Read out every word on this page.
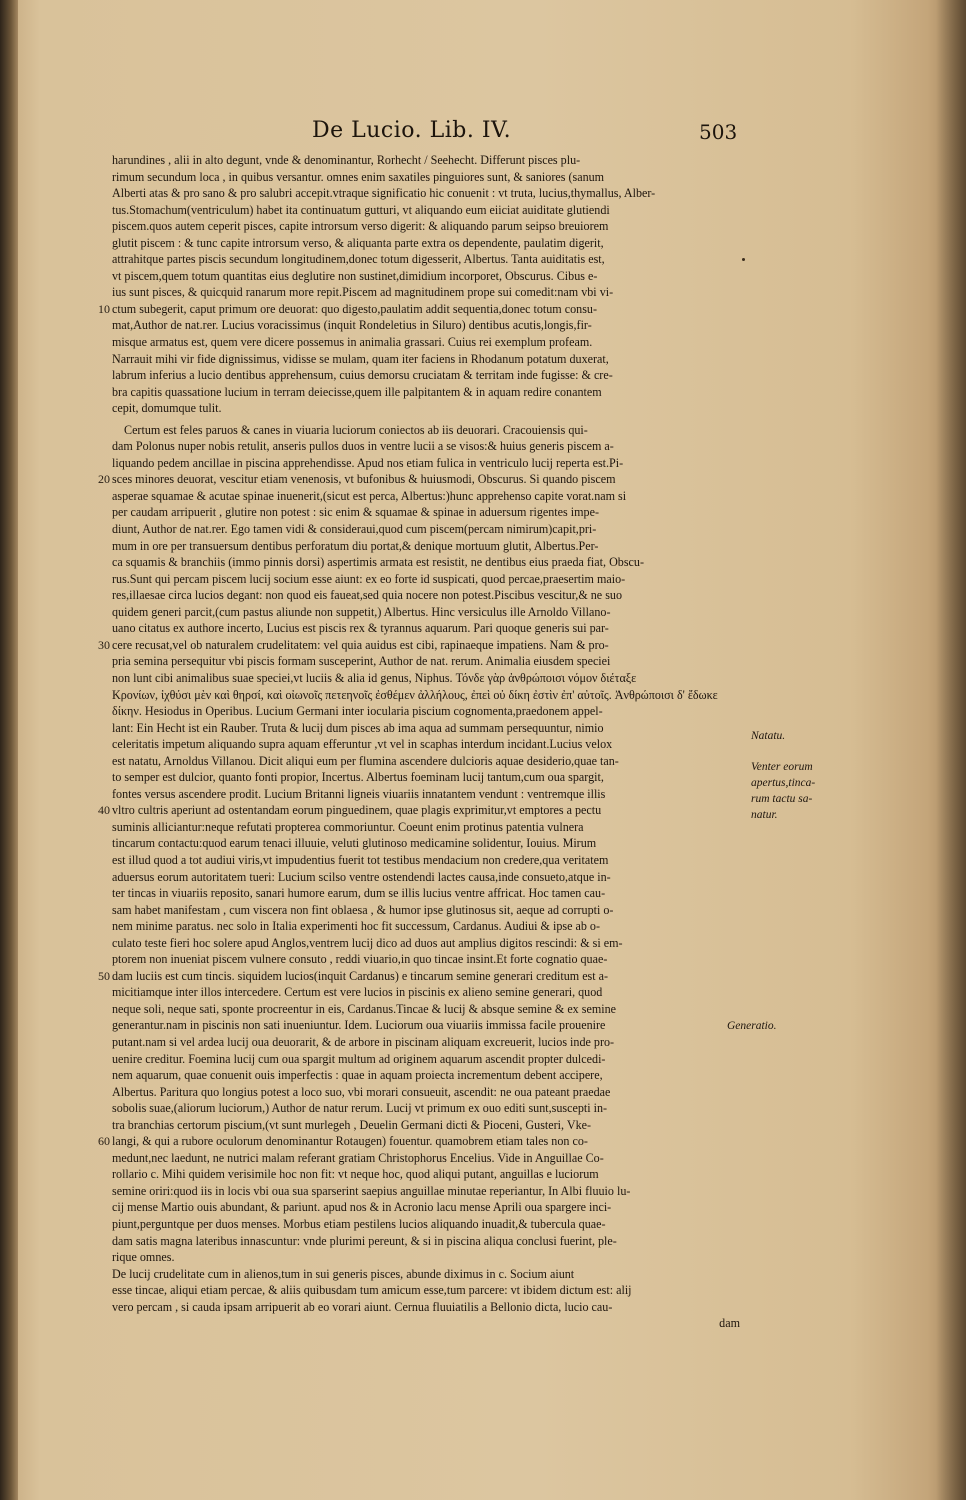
De Lucio. Lib. IV.	503
harundines , alii in alto degunt, vnde & denominantur, Rorhecht / Seehecht. Differunt pisces plu-
rimum secundum loca , in quibus versantur. omnes enim saxatiles pinguiores sunt, & saniores (sanum
Alberti atas & pro sano & pro salubri accepit.vtraque significatio hic conuenit : vt truta, lucius,thymallus, Alber-
tus.Stomachum(ventriculum) habet ita continuatum gutturi, vt aliquando eum eiiciat auiditate glutiendi
piscem.quos autem ceperit pisces, capite introrsum verso digerit: & aliquando parum seipso breuiorem
glutit piscem : & tunc capite introrsum verso, & aliquanta parte extra os dependente, paulatim digerit,
attrahitque partes piscis secundum longitudinem,donec totum digesserit, Albertus. Tanta auiditatis est,
vt piscem,quem totum quantitas eius deglutire non sustinet,dimidium incorporet, Obscurus. Cibus e-
ius sunt pisces, & quicquid ranarum more repit.Piscem ad magnitudinem prope sui comedit:nam vbi vi-
ctum subegerit, caput primum ore deuorat: quo digesto,paulatim addit sequentia,donec totum consu-
mat,Author de nat.rer. Lucius voracissimus (inquit Rondeletius in Siluro) dentibus acutis,longis,fir-
misque armatus est, quem vere dicere possemus in animalia grassari. Cuius rei exemplum profeam.
Narrauit mihi vir fide dignissimus, vidisse se mulam, quam iter faciens in Rhodanum potatum duxerat,
labrum inferius a lucio dentibus apprehensum, cuius demorsu cruciatam & territam inde fugisse: & cre-
bra capitis quassatione lucium in terram deiecisse,quem ille palpitantem & in aquam redire conantem
cepit, domumque tulit.
Certum est feles paruos & canes in viuaria luciorum coniectos ab iis deuorari. Cracouiensis qui-
dam Polonus nuper nobis retulit, anseris pullos duos in ventre lucii a se visos:& huius generis piscem a-
liquando pedem ancillae in piscina apprehendisse. Apud nos etiam fulica in ventriculo lucij reperta est.Pi-
sces minores deuorat, vescitur etiam venenosis, vt bufonibus & huiusmodi, Obscurus. Si quando piscem
asperae squamae & acutae spinae inuenerit,(sicut est perca, Albertus:)hunc apprehenso capite vorat.nam si
per caudam arripuerit , glutire non potest : sic enim & squamae & spinae in aduersum rigentes impe-
diunt, Author de nat.rer. Ego tamen vidi & consideraui,quod cum piscem(percam nimirum)capit,pri-
mum in ore per transuersum dentibus perforatum diu portat,& denique mortuum glutit, Albertus.Per-
ca squamis & branchiis (immo pinnis dorsi) aspertimis armata est resistit, ne dentibus eius praeda fiat, Obscu-
rus.Sunt qui percam piscem lucij socium esse aiunt: ex eo forte id suspicati, quod percae,praesertim maio-
res,illaesae circa lucios degant: non quod eis faueat,sed quia nocere non potest.Piscibus vescitur,& ne suo
quidem generi parcit,(cum pastus aliunde non suppetit,) Albertus. Hinc versiculus ille Arnoldo Villano-
uano citatus ex authore incerto, Lucius est piscis rex & tyrannus aquarum. Pari quoque generis sui par-
cere recusat,vel ob naturalem crudelitatem: vel quia auidus est cibi, rapinaeque impatiens. Nam & pro-
pria semina persequitur vbi piscis formam susceperint, Author de nat. rerum. Animalia eiusdem speciei
non lunt cibi animalibus suae speciei,vt luciis & alia id genus, Niphus. Τόνδε γὰρ ἀνθρώποισι νόμον διέταξε
Κρονίων, ἰχθύσι μὲν καὶ θηρσί, καὶ οἰωνοῖς πετεηνοῖς ἐσθέμεν ἀλλήλους, ἐπεὶ οὐ δίκη ἐστὶν ἐπ' αὐτοῖς. Ἀνθρώποισι δ' ἔδωκε
δίκην. Hesiodus in Operibus. Lucium Germani inter iocularia piscium cognomenta,praedonem appel-
lant: Ein Hecht ist ein Rauber. Truta & lucij dum pisces ab ima aqua ad summam persequuntur, nimio
celeritatis impetum aliquando supra aquam efferuntur ,vt vel in scaphas interdum incidant.Lucius velox
est natatu, Arnoldus Villanou. Dicit aliqui eum per flumina ascendere dulcioris aquae desiderio,quae tan-
to semper est dulcior, quanto fonti propior, Incertus. Albertus foeminam lucij tantum,cum oua spargit,
fontes versus ascendere prodit. Lucium Britanni ligneis viuariis innatantem vendunt : ventremque illis
vltro cultris aperiunt ad ostentandam eorum pinguedinem, quae plagis exprimitur,vt emptores a pectu
suminis alliciantur:neque refutati propterea commoriuntur. Coeunt enim protinus patentia vulnera
tincarum contactu:quod earum tenaci illuuie, veluti glutinoso medicamine solidentur, Iouius. Mirum
est illud quod a tot audiui viris,vt impudentius fuerit tot testibus mendacium non credere,qua veritatem
aduersus eorum autoritatem tueri: Lucium scilso ventre ostendendi lactes causa,inde consueto,atque in-
ter tincas in viuariis reposito, sanari humore earum, dum se illis lucius ventre affricat. Hoc tamen cau-
sam habet manifestam , cum viscera non fint oblaesa , & humor ipse glutinosus sit, aeque ad corrupti o-
nem minime paratus. nec solo in Italia experimenti hoc fit successum, Cardanus. Audiui & ipse ab o-
culato teste fieri hoc solere apud Anglos,ventrem lucij dico ad duos aut amplius digitos rescindi: & si em-
ptorem non inueniat piscem vulnere consuto , reddi viuario,in quo tincae insint.Et forte cognatio quae-
dam luciis est cum tincis. siquidem lucios(inquit Cardanus) e tincarum semine generari creditum est a-
micitiamque inter illos intercedere. Certum est vere lucios in piscinis ex alieno semine generari, quod
neque soli, neque sati, sponte procreentur in eis, Cardanus.Tincae & lucij & absque semine & ex semine
generantur.nam in piscinis non sati inueniuntur. Idem. Luciorum oua viuariis immissa facile prouenire
putant.nam si vel ardea lucij oua deuorarit, & de arbore in piscinam aliquam excreuerit, lucios inde pro-
uenire creditur. Foemina lucij cum oua spargit multum ad originem aquarum ascendit propter dulcedi-
nem aquarum, quae conuenit ouis imperfectis : quae in aquam proiecta incrementum debent accipere,
Albertus. Paritura quo longius potest a loco suo, vbi morari consueuit, ascendit: ne oua pateant praedae
sobolis suae,(aliorum luciorum,) Author de natur rerum. Lucij vt primum ex ouo editi sunt,suscepti in-
tra branchias certorum piscium,(vt sunt murlegeh , Deuelin Germani dicti & Pioceni, Gusteri, Vke-
langi, & qui a rubore oculorum denominantur Rotaugen) fouentur. quamobrem etiam tales non co-
medunt,nec laedunt, ne nutrici malam referant gratiam Christophorus Encelius. Vide in Anguillae Co-
rollario c. Mihi quidem verisimile hoc non fit: vt neque hoc, quod aliqui putant, anguillas e luciorum
semine oriri:quod iis in locis vbi oua sua sparserint saepius anguillae minutae reperiantur, In Albi fluuio lu-
cij mense Martio ouis abundant, & pariunt. apud nos & in Acronio lacu mense Aprili oua spargere inci-
piunt,perguntque per duos menses. Morbus etiam pestilens lucios aliquando inuadit,& tubercula quae-
dam satis magna lateribus innascuntur: vnde plurimi pereunt, & si in piscina aliqua conclusi fuerint, ple-
rique omnes.
De lucij crudelitate cum in alienos,tum in sui generis pisces, abunde diximus in c. Socium aiunt
esse tincae, aliqui etiam percae, & aliis quibusdam tum amicum esse,tum parcere: vt ibidem dictum est: alij
vero percam , si cauda ipsam arripuerit ab eo vorari aiunt. Cernua fluuiatilis a Bellonio dicta, lucio cau-
dam
10
20
30
40
50
60
Natatu.
Venter eorum
apertus,tinca-
rum tactu sa-
natur.
Generatio.
